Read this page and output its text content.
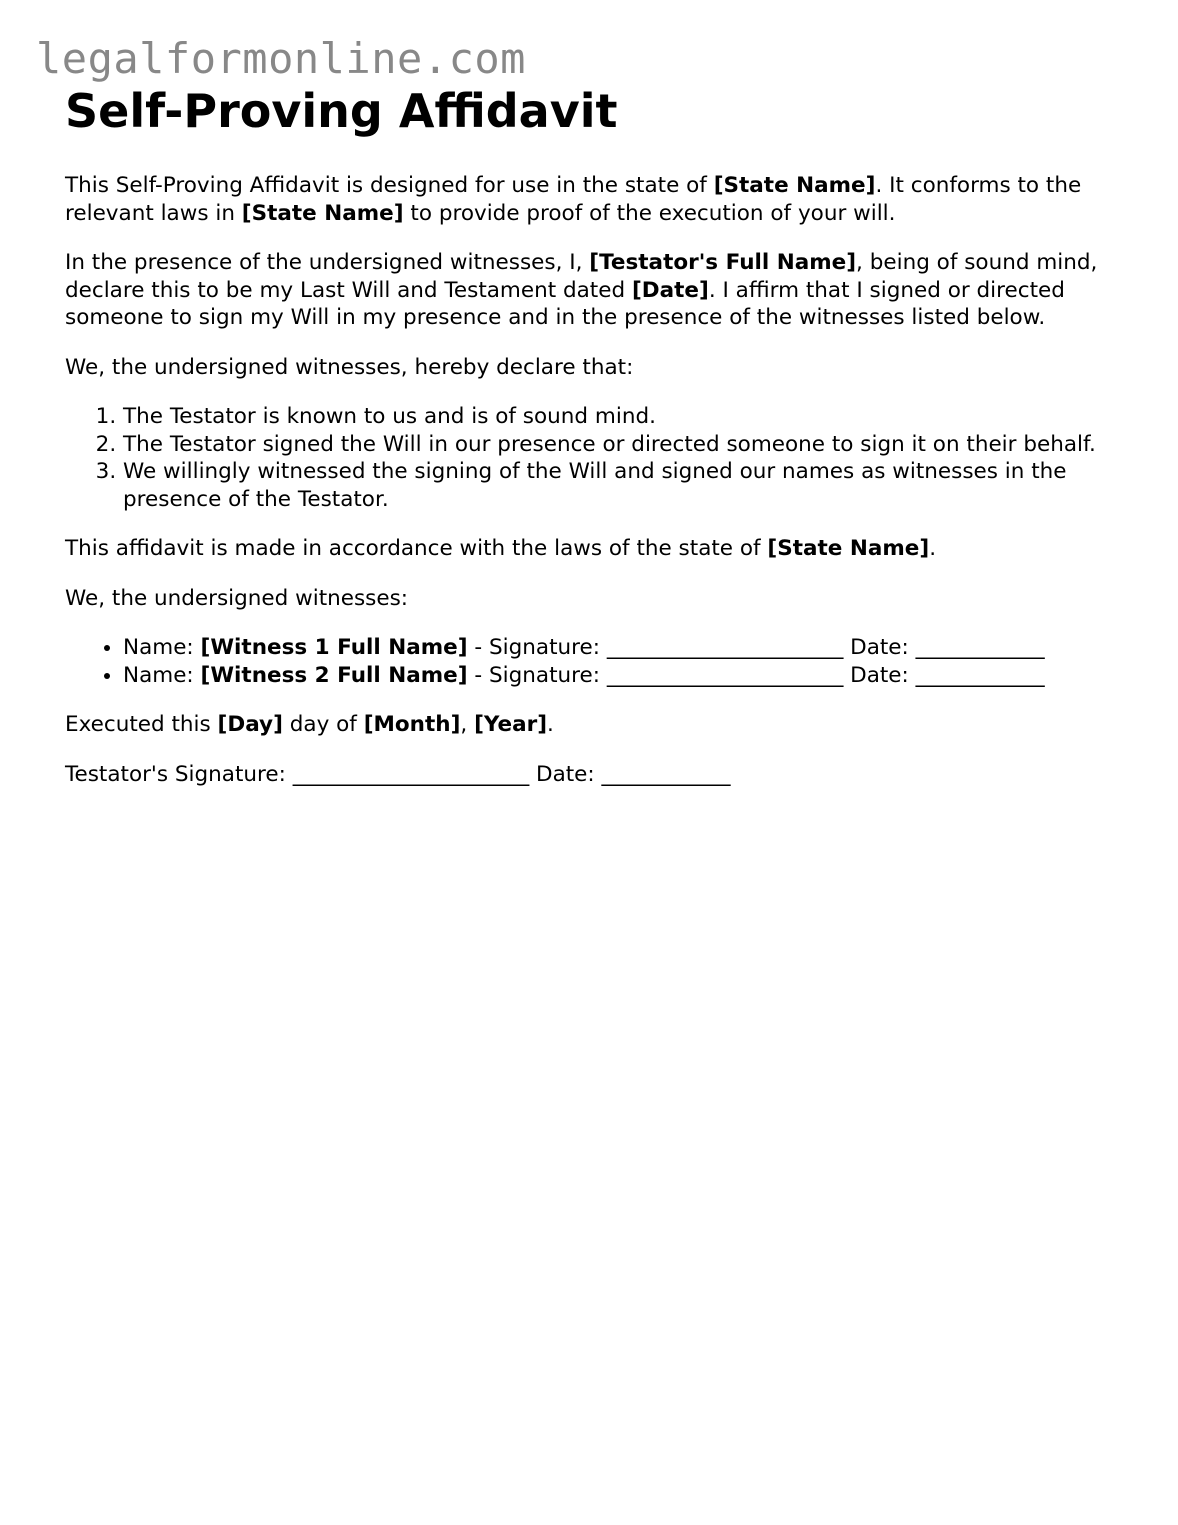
legalformonline.com
Self-Proving Affidavit

This Self-Proving Affidavit is designed for use in the state of [State Name]. It conforms to the relevant laws in [State Name] to provide proof of the execution of your will.

In the presence of the undersigned witnesses, I, [Testator's Full Name], being of sound mind, declare this to be my Last Will and Testament dated [Date]. I affirm that I signed or directed someone to sign my Will in my presence and in the presence of the witnesses listed below.

We, the undersigned witnesses, hereby declare that:

1. The Testator is known to us and is of sound mind.
2. The Testator signed the Will in our presence or directed someone to sign it on their behalf.
3. We willingly witnessed the signing of the Will and signed our names as witnesses in the presence of the Testator.

This affidavit is made in accordance with the laws of the state of [State Name].

We, the undersigned witnesses:

• Name: [Witness 1 Full Name] - Signature: ______________________ Date: ____________
• Name: [Witness 2 Full Name] - Signature: ______________________ Date: ____________

Executed this [Day] day of [Month], [Year].

Testator's Signature: ______________________ Date: ____________
